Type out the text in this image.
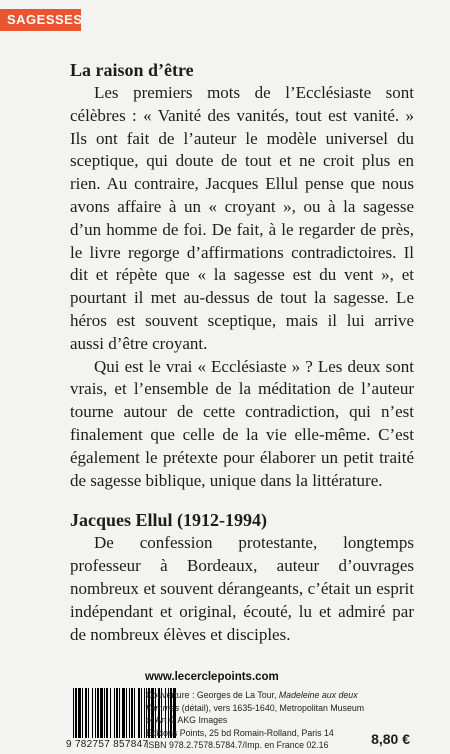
SAGESSES
La raison d’être

Les premiers mots de l’Ecclésiaste sont célèbres : « Vanité des vanités, tout est vanité. » Ils ont fait de l’auteur le modèle universel du sceptique, qui doute de tout et ne croit plus en rien. Au contraire, Jacques Ellul pense que nous avons affaire à un « croyant », ou à la sagesse d’un homme de foi. De fait, à le regarder de près, le livre regorge d’affirmations contradictoires. Il dit et répète que « la sagesse est du vent », et pourtant il met au-dessus de tout la sagesse. Le héros est souvent sceptique, mais il lui arrive aussi d’être croyant.

Qui est le vrai « Ecclésiaste » ? Les deux sont vrais, et l’ensemble de la méditation de l’auteur tourne autour de cette contradiction, qui n’est finalement que celle de la vie elle-même. C’est également le prétexte pour élaborer un petit traité de sagesse biblique, unique dans la littérature.

Jacques Ellul (1912-1994)

De confession protestante, longtemps professeur à Bordeaux, auteur d’ouvrages nombreux et souvent dérangeants, c’était un esprit indépendant et original, écouté, lu et admiré par de nombreux élèves et disciples.

www.lecerclepoints.com
9 782757 857847
Couverture : Georges de La Tour, Madeleine aux deux flammes (détail), vers 1635-1640, Metropolitan Museum of Art © AKG Images
Éditions Points, 25 bd Romain-Rolland, Paris 14
ISBN 978.2.7578.5784.7/Imp. en France 02.16	8,80 €
